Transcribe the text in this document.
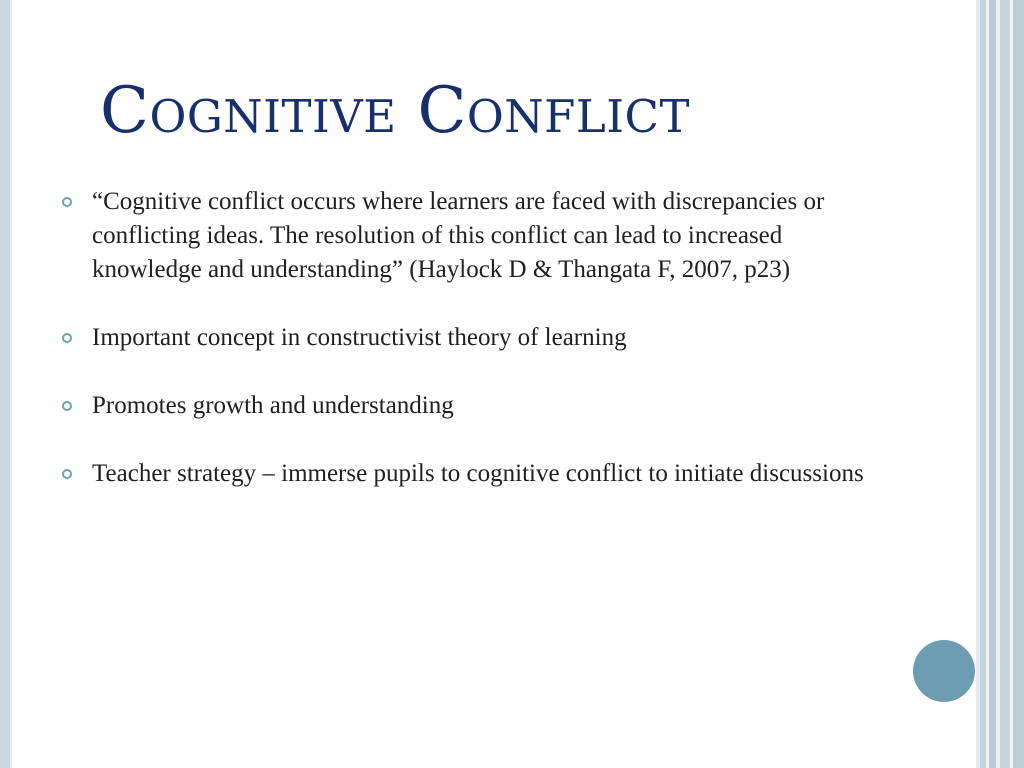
Cognitive Conflict
“Cognitive conflict occurs where learners are faced with discrepancies or conflicting ideas. The resolution of this conflict can lead to increased knowledge and understanding” (Haylock D & Thangata F, 2007, p23)
Important concept in constructivist theory of learning
Promotes growth and understanding
Teacher strategy – immerse pupils to cognitive conflict to initiate discussions
